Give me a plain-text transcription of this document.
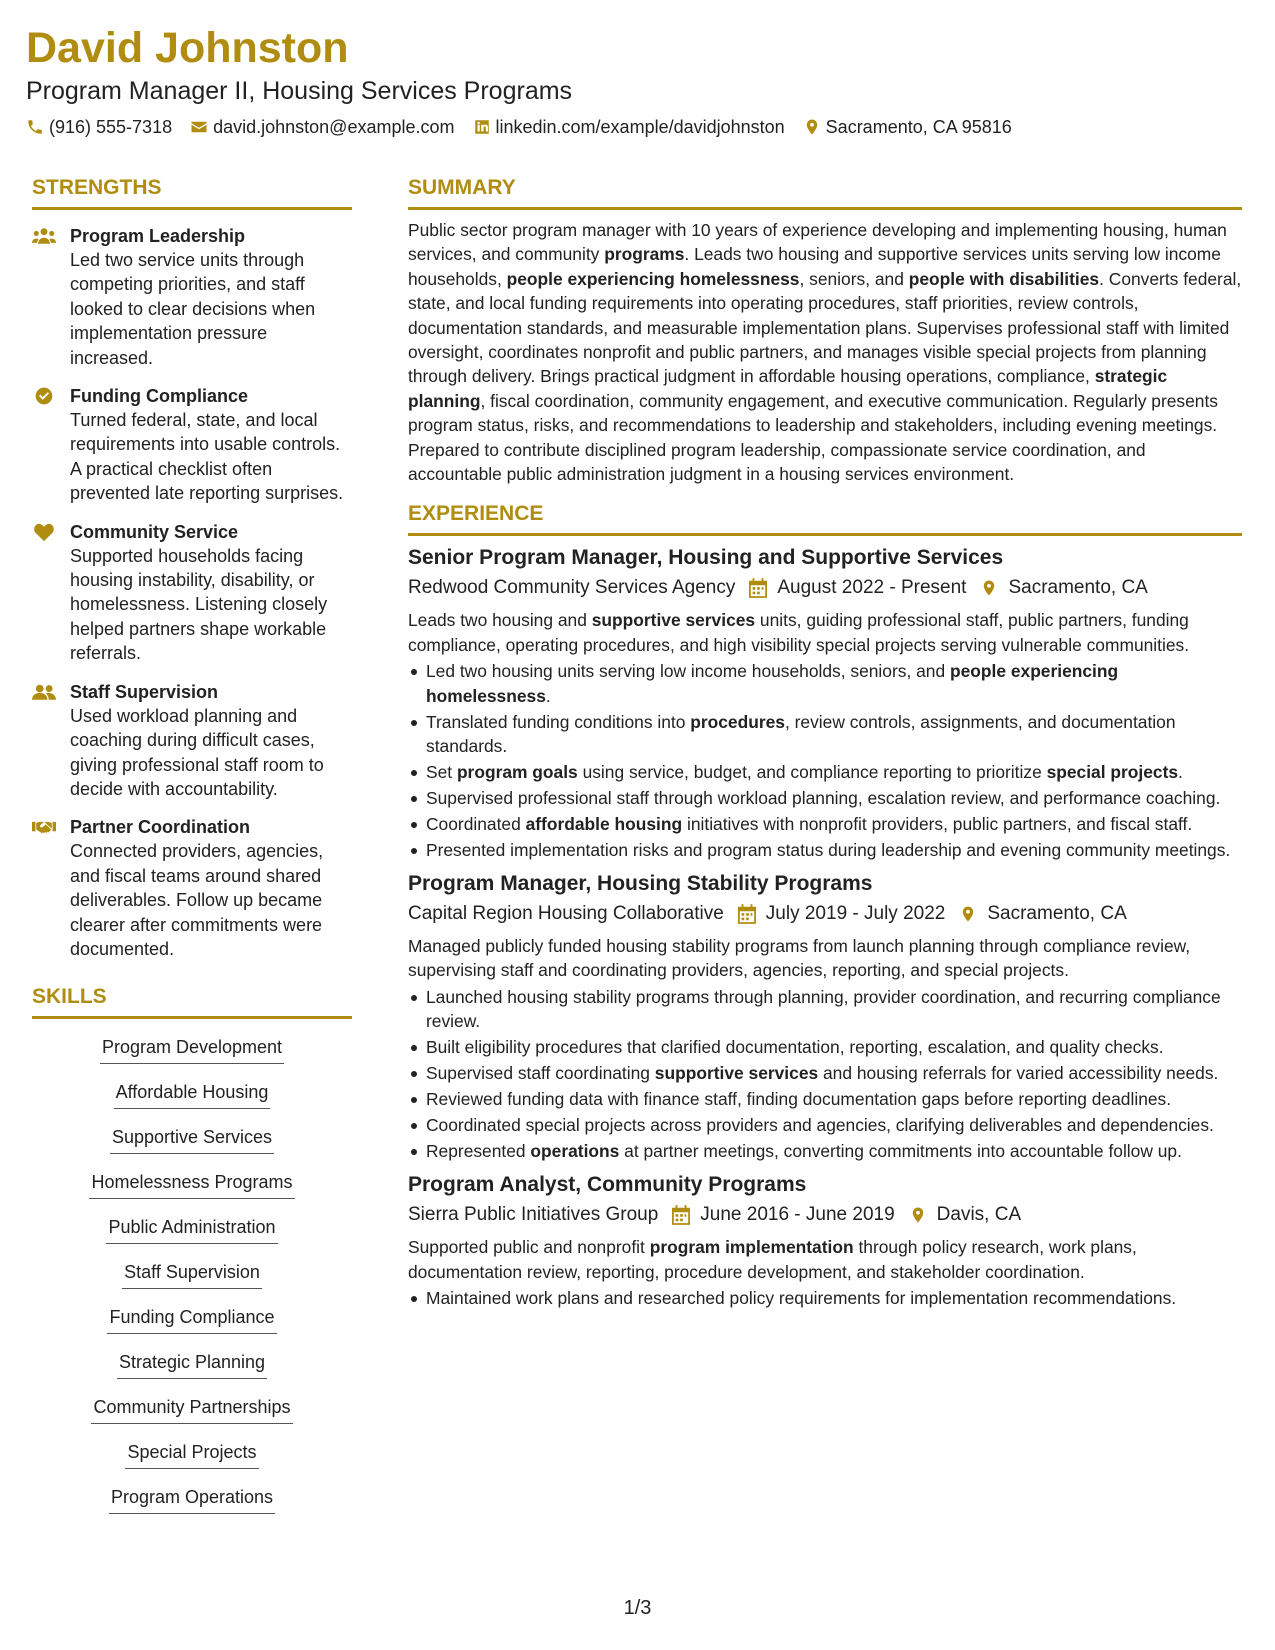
David Johnston
Program Manager II, Housing Services Programs
(916) 555-7318 david.johnston@example.com linkedin.com/example/davidjohnston Sacramento, CA 95816
STRENGTHS
Program Leadership
Led two service units through competing priorities, and staff looked to clear decisions when implementation pressure increased.
Funding Compliance
Turned federal, state, and local requirements into usable controls. A practical checklist often prevented late reporting surprises.
Community Service
Supported households facing housing instability, disability, or homelessness. Listening closely helped partners shape workable referrals.
Staff Supervision
Used workload planning and coaching during difficult cases, giving professional staff room to decide with accountability.
Partner Coordination
Connected providers, agencies, and fiscal teams around shared deliverables. Follow up became clearer after commitments were documented.
SKILLS
Program Development
Affordable Housing
Supportive Services
Homelessness Programs
Public Administration
Staff Supervision
Funding Compliance
Strategic Planning
Community Partnerships
Special Projects
Program Operations
SUMMARY
Public sector program manager with 10 years of experience developing and implementing housing, human services, and community programs. Leads two housing and supportive services units serving low income households, people experiencing homelessness, seniors, and people with disabilities. Converts federal, state, and local funding requirements into operating procedures, staff priorities, review controls, documentation standards, and measurable implementation plans. Supervises professional staff with limited oversight, coordinates nonprofit and public partners, and manages visible special projects from planning through delivery. Brings practical judgment in affordable housing operations, compliance, strategic planning, fiscal coordination, community engagement, and executive communication. Regularly presents program status, risks, and recommendations to leadership and stakeholders, including evening meetings. Prepared to contribute disciplined program leadership, compassionate service coordination, and accountable public administration judgment in a housing services environment.
EXPERIENCE
Senior Program Manager, Housing and Supportive Services
Redwood Community Services Agency August 2022 - Present Sacramento, CA
Leads two housing and supportive services units, guiding professional staff, public partners, funding compliance, operating procedures, and high visibility special projects serving vulnerable communities.
Led two housing units serving low income households, seniors, and people experiencing homelessness.
Translated funding conditions into procedures, review controls, assignments, and documentation standards.
Set program goals using service, budget, and compliance reporting to prioritize special projects.
Supervised professional staff through workload planning, escalation review, and performance coaching.
Coordinated affordable housing initiatives with nonprofit providers, public partners, and fiscal staff.
Presented implementation risks and program status during leadership and evening community meetings.
Program Manager, Housing Stability Programs
Capital Region Housing Collaborative July 2019 - July 2022 Sacramento, CA
Managed publicly funded housing stability programs from launch planning through compliance review, supervising staff and coordinating providers, agencies, reporting, and special projects.
Launched housing stability programs through planning, provider coordination, and recurring compliance review.
Built eligibility procedures that clarified documentation, reporting, escalation, and quality checks.
Supervised staff coordinating supportive services and housing referrals for varied accessibility needs.
Reviewed funding data with finance staff, finding documentation gaps before reporting deadlines.
Coordinated special projects across providers and agencies, clarifying deliverables and dependencies.
Represented operations at partner meetings, converting commitments into accountable follow up.
Program Analyst, Community Programs
Sierra Public Initiatives Group June 2016 - June 2019 Davis, CA
Supported public and nonprofit program implementation through policy research, work plans, documentation review, reporting, procedure development, and stakeholder coordination.
Maintained work plans and researched policy requirements for implementation recommendations.
1/3
